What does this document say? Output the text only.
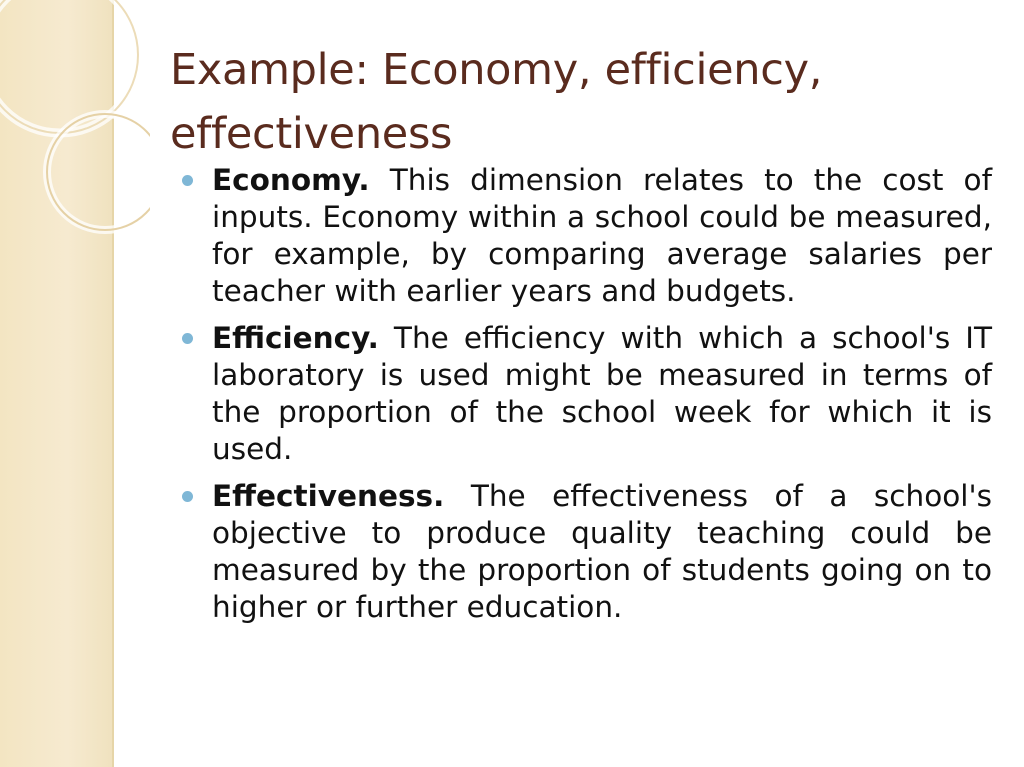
Example: Economy, efficiency, effectiveness
Economy. This dimension relates to the cost of inputs. Economy within a school could be measured, for example, by comparing average salaries per teacher with earlier years and budgets.
Efficiency. The efficiency with which a school's IT laboratory is used might be measured in terms of the proportion of the school week for which it is used.
Effectiveness. The effectiveness of a school's objective to produce quality teaching could be measured by the proportion of students going on to higher or further education.
